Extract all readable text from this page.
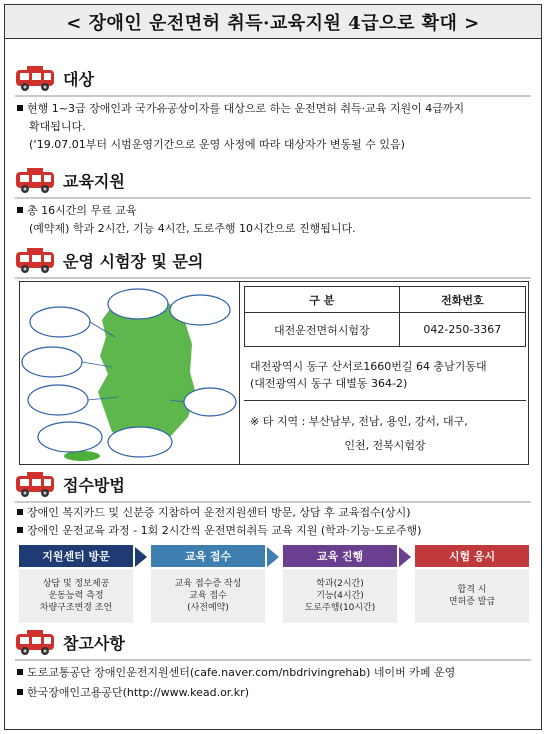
< 장애인 운전면허 취득·교육지원 4급으로 확대 >
대상
현행 1~3급 장애인과 국가유공상이자를 대상으로 하는 운전면허 취득·교육 지원이 4급까지
확대됩니다.
(‘19.07.01부터 시범운영기간으로 운영 사정에 따라 대상자가 변동될 수 있음)
교육지원
총 16시간의 무료 교육
(예약제) 학과 2시간, 기능 4시간, 도로주행 10시간으로 진행됩니다.
운영 시험장 및 문의
구 분	전화번호
대전운전면허시험장	042-250-3367
대전광역시 동구 산서로1660번길 64 충남기동대
(대전광역시 동구 대별동 364-2)
※ 타 지역 : 부산남부, 전남, 용인, 강서, 대구,
인천, 전북시험장
접수방법
장애인 복지카드 및 신분증 지참하여 운전지원센터 방문, 상담 후 교육접수(상시)
장애인 운전교육 과정 - 1회 2시간씩 운전면허취득 교육 지원 (학과·기능·도로주행)
지원센터 방문
상담 및 정보제공
운동능력 측정
차량구조변경 조언
교육 접수
교육 접수증 작성
교육 접수
(사전예약)
교육 진행
학과(2시간)
기능(4시간)
도로주행(10시간)
시험 응시
합격 시
면허증 발급
참고사항
도로교통공단 장애인운전지원센터(cafe.naver.com/nbdrivingrehab) 네이버 카페 운영
한국장애인고용공단(http://www.kead.or.kr)
